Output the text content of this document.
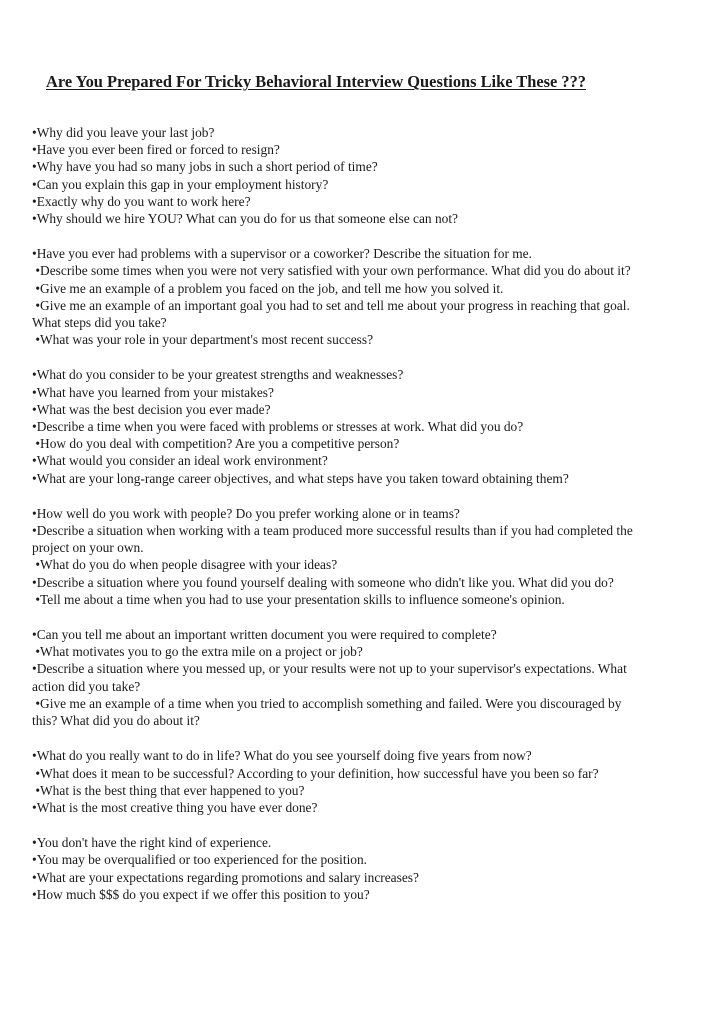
Are You Prepared For Tricky Behavioral Interview Questions Like These ???
•Why did you leave your last job?
•Have you ever been fired or forced to resign?
•Why have you had so many jobs in such a short period of time?
•Can you explain this gap in your employment history?
•Exactly why do you want to work here?
•Why should we hire YOU? What can you do for us that someone else can not?
•Have you ever had problems with a supervisor or a coworker? Describe the situation for me.
•Describe some times when you were not very satisfied with your own performance. What did you do about it?
•Give me an example of a problem you faced on the job, and tell me how you solved it.
•Give me an example of an important goal you had to set and tell me about your progress in reaching that goal.
What steps did you take?
•What was your role in your department's most recent success?
•What do you consider to be your greatest strengths and weaknesses?
•What have you learned from your mistakes?
•What was the best decision you ever made?
•Describe a time when you were faced with problems or stresses at work. What did you do?
•How do you deal with competition? Are you a competitive person?
•What would you consider an ideal work environment?
•What are your long-range career objectives, and what steps have you taken toward obtaining them?
•How well do you work with people? Do you prefer working alone or in teams?
•Describe a situation when working with a team produced more successful results than if you had completed the
project on your own.
•What do you do when people disagree with your ideas?
•Describe a situation where you found yourself dealing with someone who didn't like you. What did you do?
•Tell me about a time when you had to use your presentation skills to influence someone's opinion.
•Can you tell me about an important written document you were required to complete?
•What motivates you to go the extra mile on a project or job?
•Describe a situation where you messed up, or your results were not up to your supervisor's expectations. What
action did you take?
•Give me an example of a time when you tried to accomplish something and failed. Were you discouraged by
this? What did you do about it?
•What do you really want to do in life? What do you see yourself doing five years from now?
•What does it mean to be successful? According to your definition, how successful have you been so far?
•What is the best thing that ever happened to you?
•What is the most creative thing you have ever done?
•You don't have the right kind of experience.
•You may be overqualified or too experienced for the position.
•What are your expectations regarding promotions and salary increases?
•How much $$$ do you expect if we offer this position to you?
